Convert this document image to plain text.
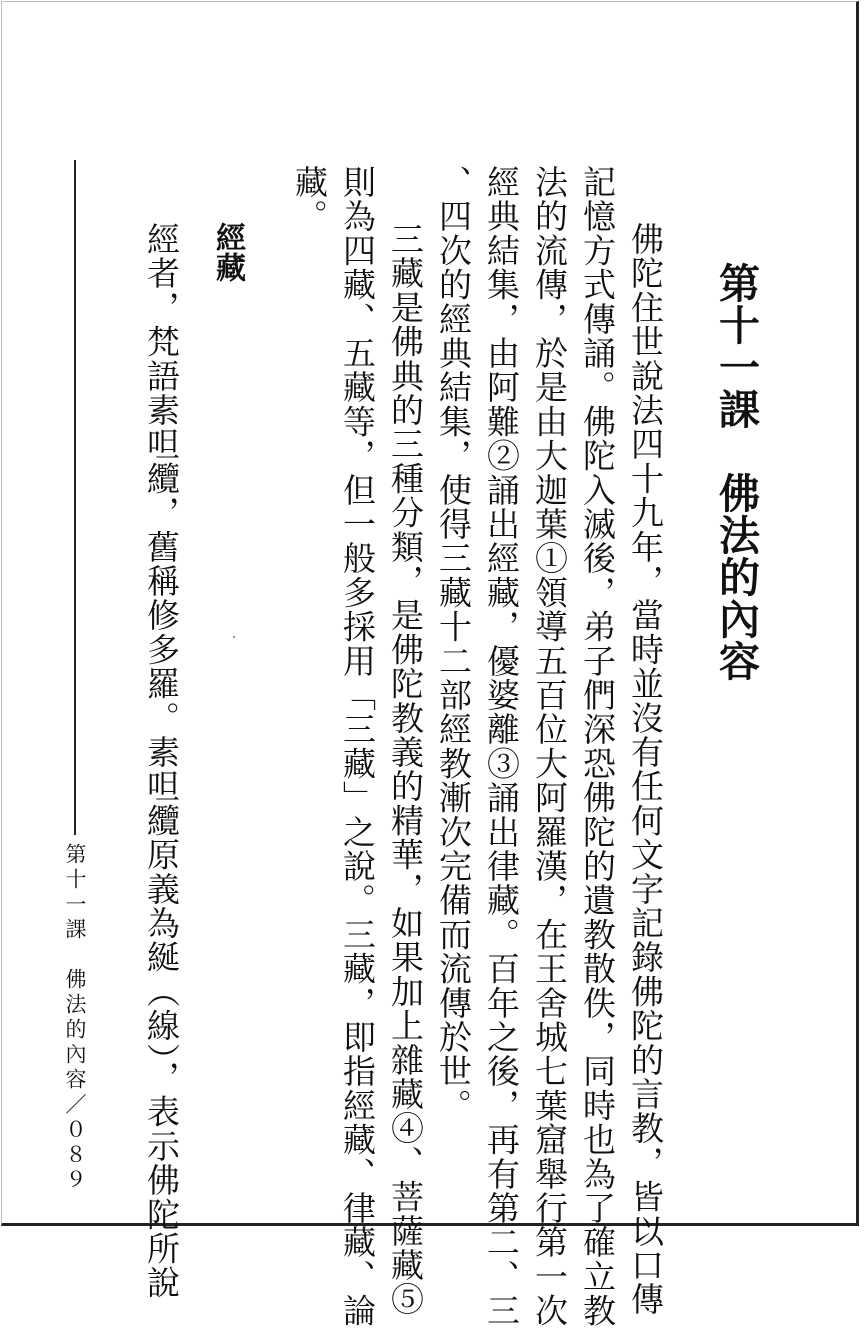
第十一課　佛法的內容
佛陀住世說法四十九年，當時並沒有任何文字記錄佛陀的言教，皆以口傳
記憶方式傳誦。佛陀入滅後，弟子們深恐佛陀的遺教散佚，同時也為了確立教
法的流傳，於是由大迦葉①領導五百位大阿羅漢，在王舍城七葉窟舉行第一次
經典結集，由阿難②誦出經藏，優婆離③誦出律藏。百年之後，再有第二、三
、四次的經典結集，使得三藏十二部經教漸次完備而流傳於世。
三藏是佛典的三種分類，是佛陀教義的精華，如果加上雜藏④、菩薩藏⑤
則為四藏、五藏等，但一般多採用「三藏」之說。三藏，即指經藏、律藏、論
藏。
經藏
經者，梵語素呾纜，舊稱修多羅。素呾纜原義為綖（線），表示佛陀所說
第十一課　佛法的內容／０８９
